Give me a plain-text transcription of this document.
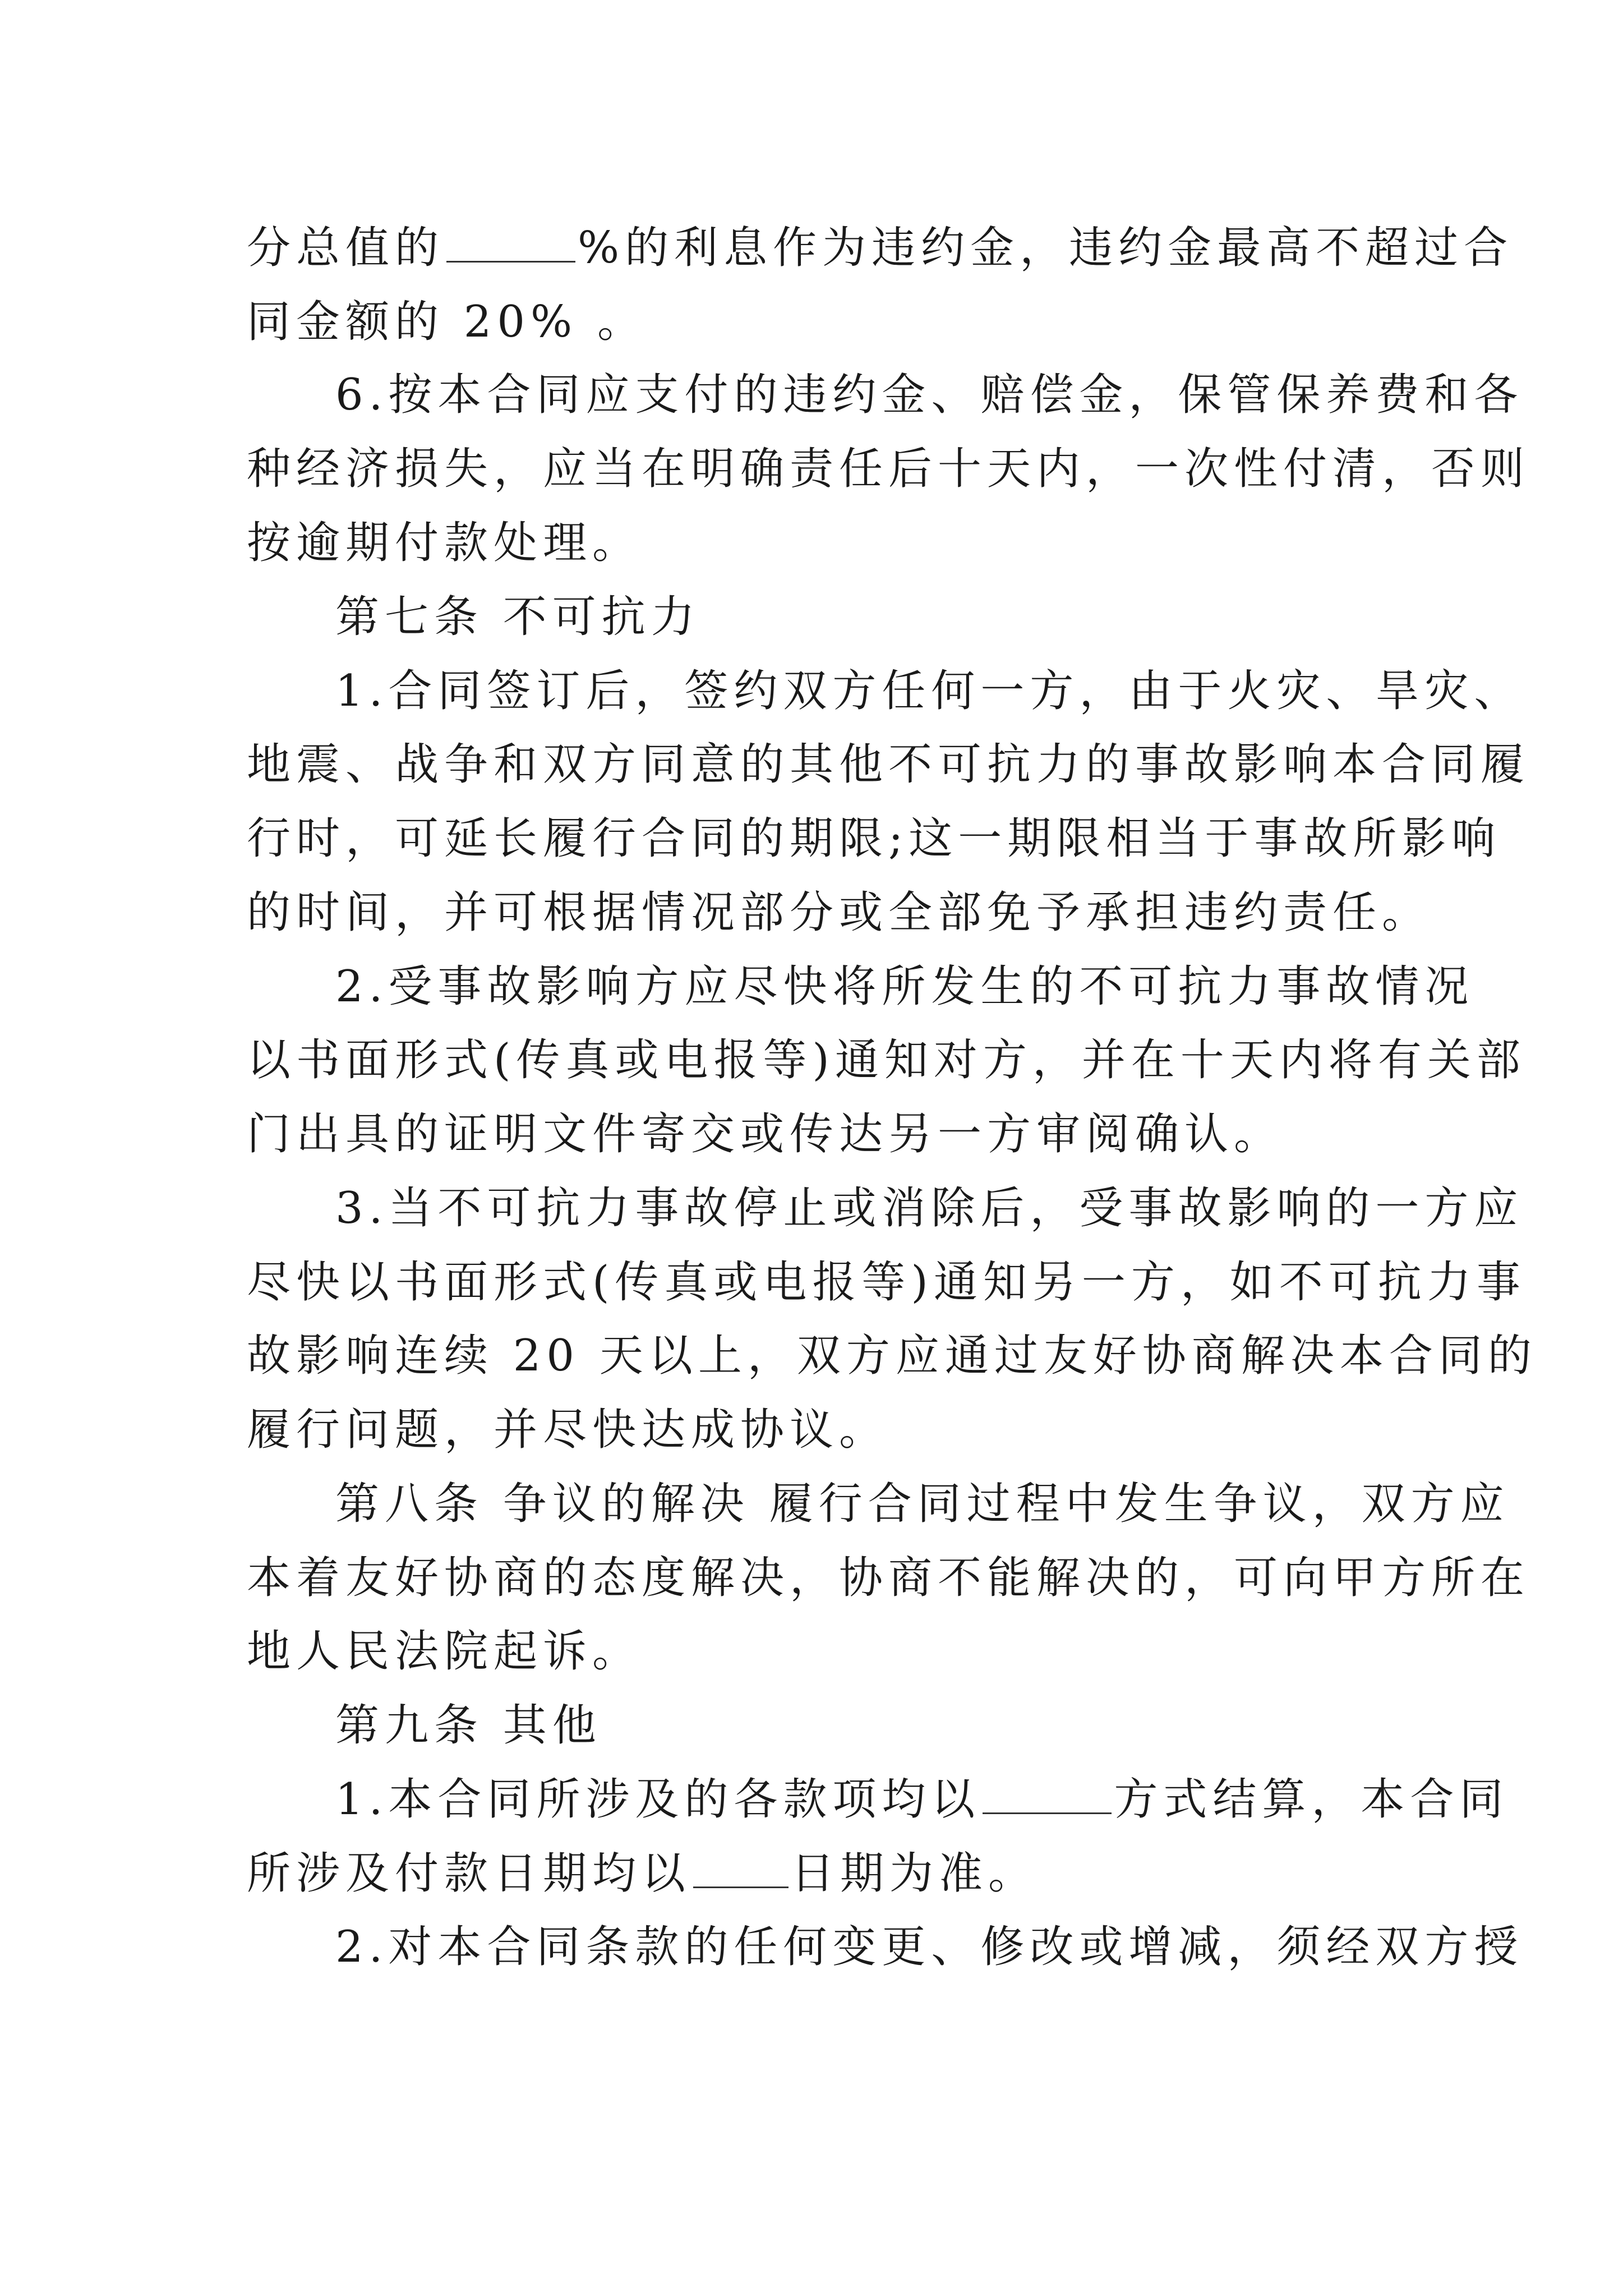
分总值的	%的利息作为违约金，违约金最高不超过合
同金额的 20% 。
6.按本合同应支付的违约金、赔偿金，保管保养费和各
种经济损失，应当在明确责任后十天内，一次性付清，否则
按逾期付款处理。
第七条 不可抗力
1.合同签订后，签约双方任何一方，由于火灾、旱灾、
地震、战争和双方同意的其他不可抗力的事故影响本合同履
行时，可延长履行合同的期限;这一期限相当于事故所影响
的时间，并可根据情况部分或全部免予承担违约责任。
2.受事故影响方应尽快将所发生的不可抗力事故情况
以书面形式(传真或电报等)通知对方，并在十天内将有关部
门出具的证明文件寄交或传达另一方审阅确认。
3.当不可抗力事故停止或消除后，受事故影响的一方应
尽快以书面形式(传真或电报等)通知另一方，如不可抗力事
故影响连续 20 天以上，双方应通过友好协商解决本合同的
履行问题，并尽快达成协议。
第八条 争议的解决 履行合同过程中发生争议，双方应
本着友好协商的态度解决，协商不能解决的，可向甲方所在
地人民法院起诉。
第九条 其他
1.本合同所涉及的各款项均以	方式结算，本合同
所涉及付款日期均以 日期为准。
2.对本合同条款的任何变更、修改或增减，须经双方授
